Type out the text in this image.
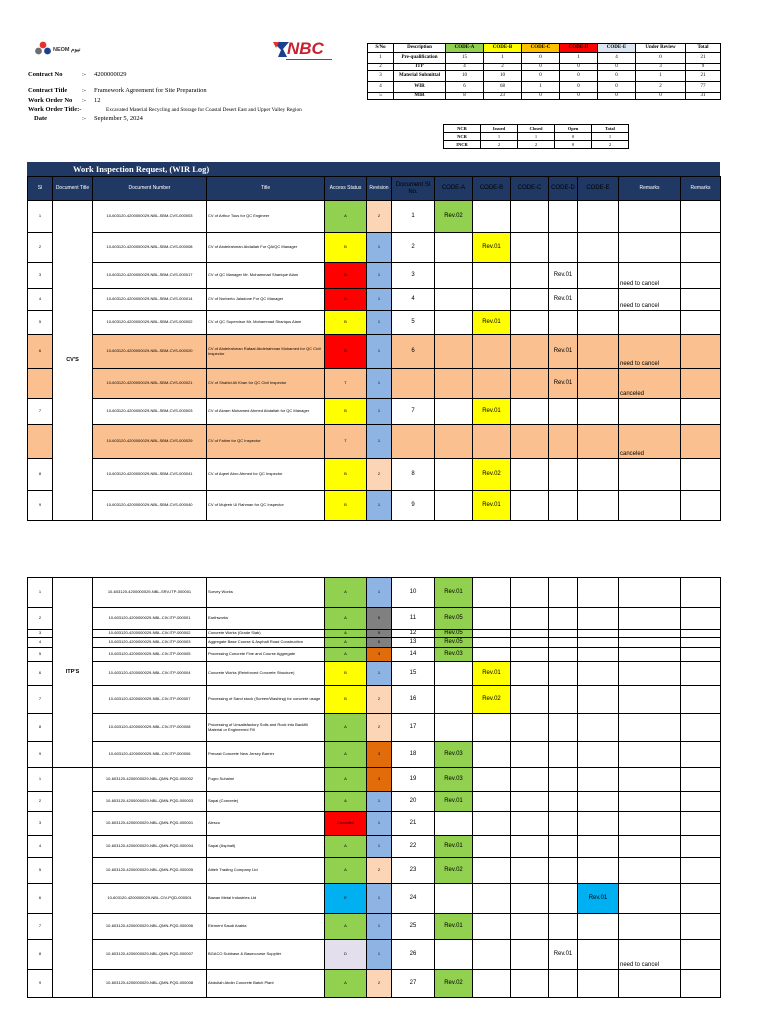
NEOM نيوم	NBC
Contract No	:- 4200000029
Contract Title :- Framework Agreement for Site Preparation
Work Order No :- 12
Work Order Title:-	Excavated Material Recycling and Storage for Coastal Desert East and Upper Valley Region
Date	:- September 5, 2024
S/No	Description	CODE-A	CODE-B	CODE-C	CODE-D	CODE-E	Under Review	Total
1	Pre-qualification	15	1	0	1	4	0	21
2	ITP	4	2	0	0	0	3	9
3	Material Submittal	10	10	0	0	0	1	21
4	WIR	6	68	1	0	0	2	77
5	MIR	8	23	0	0	0	0	31
NCR	Issued	Closed	Open	Total
NCR	1	1	0	1
INCR	2	2	0	2
Work Inspection Request, (WIR Log)
Sl	Document Title	Document Number	Title	Access Status	Revision	Document Sl No.	CODE-A	CODE-B	CODE-C	CODE-D	CODE-E	Remarks	Remarks
1	CV'S	10-603120-4200000029-NBL-SBM-CVS-000003	CV of Arthur Tous for QC Engineer	A	2	1	Rev.02						
2		10-603120-4200000029-NBL-SBM-CVS-000008	CV of Abdelrahman Abdallah For QA/QC Manager	B	1	2		Rev.01					
3		10-603120-4200000029-NBL-SBM-CVS-000017	CV of QC Manager Mr. Mohammad Sharique Alam	D	1	3				Rev.01		need to cancel	
4		10-603120-4200000029-NBL-SBM-CVS-000014	CV of Norberto Jaladone For QC Manager	D	1	4				Rev.01		need to cancel	
5		10-603120-4200000029-NBL-SBM-CVS-000002	CV of QC Supervisor Mr. Mohammad Shariqus Alam	B	1	5		Rev.01					
6		10-603120-4200000029-NBL-SBM-CVS-000020	CV of Abdelrahman Rafaat Abdelrahman Mohamed for QC Civil Inspector	D	1	6				Rev.01		need to cancel	
		10-603120-4200000029-NBL-SBM-CVS-000021	CV of Shahid Ali Khan for QC Civil Inspector	T	1					Rev.01		canceled	
7		10-603120-4200000029-NBL-SBM-CVS-000003	CV of Akram Mohamed Ahmed Abdallah for QC Manager	B	1	7		Rev.01					
		10-603120-4200000029-NBL-SBM-CVS-000029	CV of Fahim for QC Inspector	T	1							canceled	
8		10-603120-4200000029-NBL-SBM-CVS-000041	CV of Aqeel Abro Ahmed for QC Inspector	B	2	8		Rev.02					
9		10-603120-4200000029-NBL-SBM-CVS-000040	CV of Mujeeb Ul Rahman for QC Inspector	B	1	9		Rev.01					
1	ITP'S	10-603120-4200000029-NBL-SRV-ITP-000001	Survey Works	A	1	10	Rev.01						
2		10-603120-4200000029-NBL-CIV-ITP-000001	Earthworks	A	5	11	Rev.05						
3		10-603120-4200000029-NBL-CIV-ITP-000002	Concrete Works (Grade Slab)	A	5	12	Rev.05						
4		10-603120-4200000029-NBL-CIV-ITP-000003	Aggregate Base Course & Asphalt Road Construction	A	5	13	Rev.05						
5		10-603120-4200000029-NBL-CIV-ITP-000005	Processing Concrete Fine and Course Aggregate	A	3	14	Rev.03						
6		10-603120-4200000029-NBL-CIV-ITP-000004	Concrete Works (Reinforced Concrete Structure)	B	1	15		Rev.01					
7		10-603120-4200000029-NBL-CIV-ITP-000007	Processing of Sand stock (Screen/Washing) for concrete usage	B	2	16		Rev.02					
8		10-603120-4200000029-NBL-CIV-ITP-000008	Processing of Unsatisfactory Soils and Rock into Backfill Material or Engineered Fill	A	2	17							
9		10-603120-4200000029-NBL-CIV-ITP-000006	Precast Concrete New Jersey Barrier	A	3	18	Rev.03						
1		10-603120-4200000029-NBL-QMN-PQD-000002	Fugro Suhaimi	A	3	19	Rev.03						
2		10-603120-4200000029-NBL-QMN-PQD-000003	Sapai (Concrete)	A	1	20	Rev.01						
3		10-603120-4200000029-NBL-QMN-PQD-000001	Alesco	Canceled	1	21							
4		10-603120-4200000029-NBL-QMN-PQD-000004	Sapai (Asphalt)	A	1	22	Rev.01						
5		10-603120-4200000029-NBL-QMN-PQD-000005	Attieh Trading Company Ltd	A	2	23	Rev.02						
6		10-603120-4200000029-NBL-CIV-PQD-000001	Bawan Metal Industries Ltd	E	1	24					Rev.01		
7		10-603120-4200000029-NBL-QMN-PQD-000006	Element Saudi Arabia	A	1	25	Rev.01						
8		10-603120-4200000029-NBL-QMN-PQD-000007	BGACO Subbase & Basecourse Supplier	D	1	26				Rev.01		need to cancel	
9		10-603120-4200000029-NBL-QMN-PQD-000008	Abdullah Abdin Concrete Batch Plant	A	2	27	Rev.02						
